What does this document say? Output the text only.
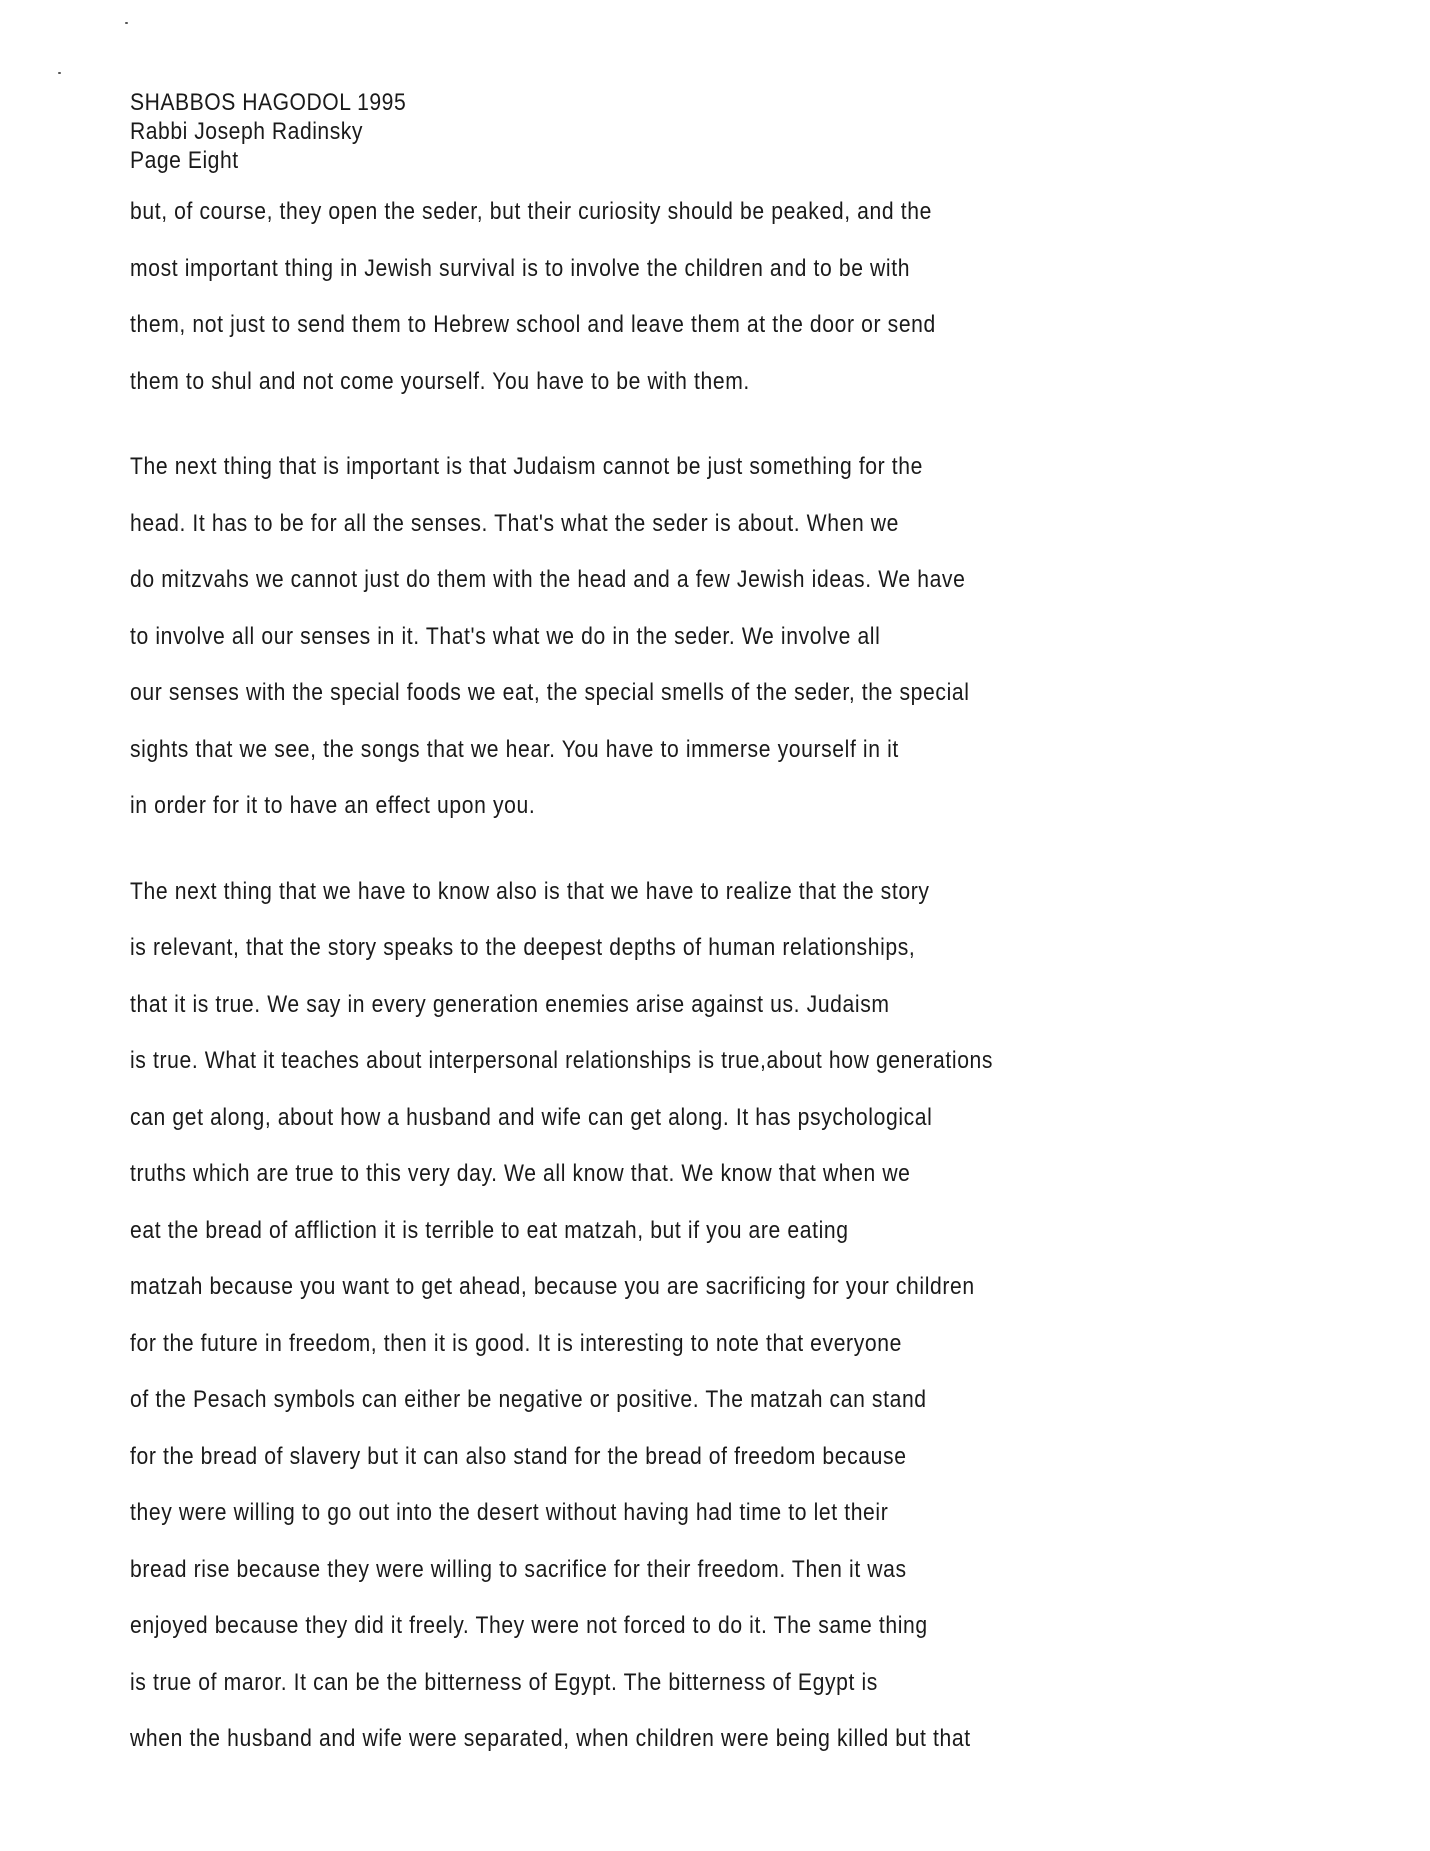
SHABBOS HAGODOL 1995
Rabbi Joseph Radinsky
Page Eight
but, of course, they open the seder, but their curiosity should be peaked, and the
most important thing in Jewish survival is to involve the children and to be with
them, not just to send them to Hebrew school and leave them at the door or send
them to shul and not come yourself. You have to be with them.
The next thing that is important is that Judaism cannot be just something for the
head. It has to be for all the senses. That's what the seder is about. When we
do mitzvahs we cannot just do them with the head and a few Jewish ideas. We have
to involve all our senses in it. That's what we do in the seder. We involve all
our senses with the special foods we eat, the special smells of the seder, the special
sights that we see, the songs that we hear. You have to immerse yourself in it
in order for it to have an effect upon you.
The next thing that we have to know also is that we have to realize that the story
is relevant, that the story speaks to the deepest depths of human relationships,
that it is true. We say in every generation enemies arise against us. Judaism
is true. What it teaches about interpersonal relationships is true,about how generations
can get along, about how a husband and wife can get along. It has psychological
truths which are true to this very day. We all know that. We know that when we
eat the bread of affliction it is terrible to eat matzah, but if you are eating
matzah because you want to get ahead, because you are sacrificing for your children
for the future in freedom, then it is good. It is interesting to note that everyone
of the Pesach symbols can either be negative or positive. The matzah can stand
for the bread of slavery but it can also stand for the bread of freedom because
they were willing to go out into the desert without having had time to let their
bread rise because they were willing to sacrifice for their freedom. Then it was
enjoyed because they did it freely. They were not forced to do it. The same thing
is true of maror. It can be the bitterness of Egypt. The bitterness of Egypt is
when the husband and wife were separated, when children were being killed but that
